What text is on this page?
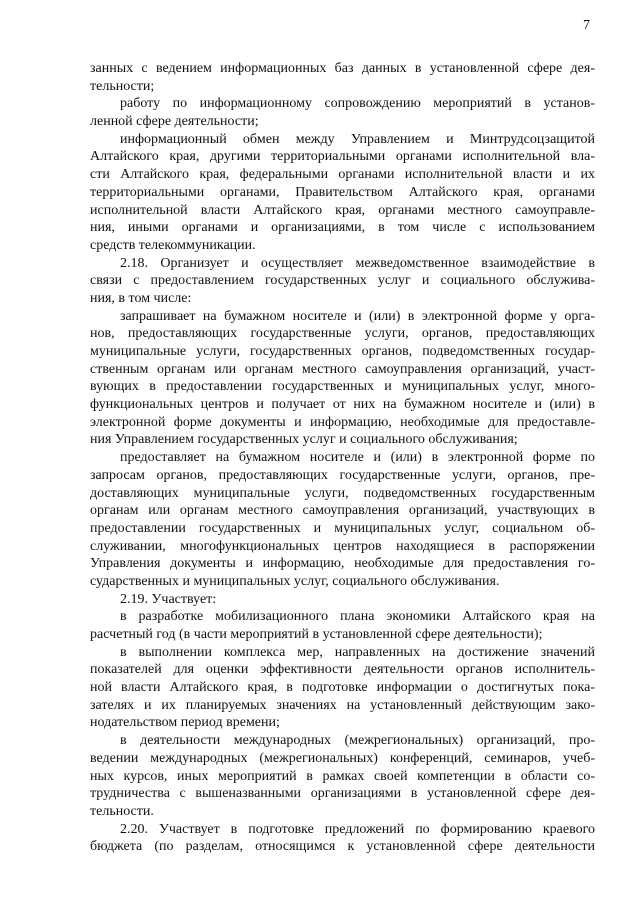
7
занных с ведением информационных баз данных в установленной сфере дея-
тельности;
работу по информационному сопровождению мероприятий в установ-
ленной сфере деятельности;
информационный обмен между Управлением и Минтрудсоцзащитой
Алтайского края, другими территориальными органами исполнительной вла-
сти Алтайского края, федеральными органами исполнительной власти и их
территориальными органами, Правительством Алтайского края, органами
исполнительной власти Алтайского края, органами местного самоуправле-
ния, иными органами и организациями, в том числе с использованием
средств телекоммуникации.
2.18. Организует и осуществляет межведомственное взаимодействие в
связи с предоставлением государственных услуг и социального обслужива-
ния, в том числе:
запрашивает на бумажном носителе и (или) в электронной форме у орга-
нов, предоставляющих государственные услуги, органов, предоставляющих
муниципальные услуги, государственных органов, подведомственных государ-
ственным органам или органам местного самоуправления организаций, участ-
вующих в предоставлении государственных и муниципальных услуг, много-
функциональных центров и получает от них на бумажном носителе и (или) в
электронной форме документы и информацию, необходимые для предоставле-
ния Управлением государственных услуг и социального обслуживания;
предоставляет на бумажном носителе и (или) в электронной форме по
запросам органов, предоставляющих государственные услуги, органов, пре-
доставляющих муниципальные услуги, подведомственных государственным
органам или органам местного самоуправления организаций, участвующих в
предоставлении государственных и муниципальных услуг, социальном об-
служивании, многофункциональных центров находящиеся в распоряжении
Управления документы и информацию, необходимые для предоставления го-
сударственных и муниципальных услуг, социального обслуживания.
2.19. Участвует:
в разработке мобилизационного плана экономики Алтайского края на
расчетный год (в части мероприятий в установленной сфере деятельности);
в выполнении комплекса мер, направленных на достижение значений
показателей для оценки эффективности деятельности органов исполнитель-
ной власти Алтайского края, в подготовке информации о достигнутых пока-
зателях и их планируемых значениях на установленный действующим зако-
нодательством период времени;
в деятельности международных (межрегиональных) организаций, про-
ведении международных (межрегиональных) конференций, семинаров, учеб-
ных курсов, иных мероприятий в рамках своей компетенции в области со-
трудничества с вышеназванными организациями в установленной сфере дея-
тельности.
2.20. Участвует в подготовке предложений по формированию краевого
бюджета (по разделам, относящимся к установленной сфере деятельности
